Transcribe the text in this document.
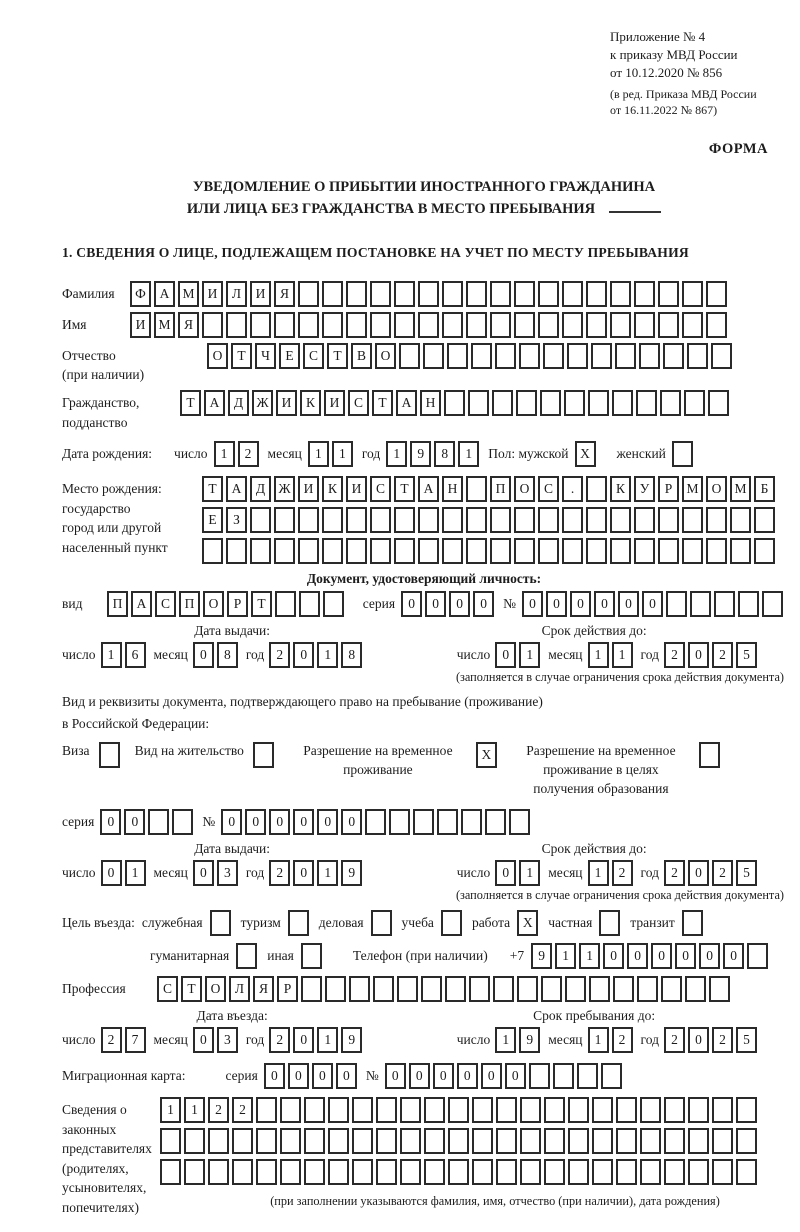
Приложение № 4
к приказу МВД России
от 10.12.2020 № 856
(в ред. Приказа МВД России
от 16.11.2022 № 867)
ФОРМА
УВЕДОМЛЕНИЕ О ПРИБЫТИИ ИНОСТРАННОГО ГРАЖДАНИНА
ИЛИ ЛИЦА БЕЗ ГРАЖДАНСТВА В МЕСТО ПРЕБЫВАНИЯ
1. СВЕДЕНИЯ О ЛИЦЕ, ПОДЛЕЖАЩЕМ ПОСТАНОВКЕ НА УЧЕТ ПО МЕСТУ ПРЕБЫВАНИЯ
Фамилия	Ф	А М И	Л	И	Я
Имя	И М Я
Отчество
(при наличии)
О	Т	Ч	Е	С	Т	В	О
Гражданство,
подданство
Т	А	Д Ж И	К	И	С	Т	А	Н
Дата рождения: число 1	2	месяц 1	1	год 1	9	8	1	Пол: мужской X	женский
Место рождения:
государство
город или другой
населенный пункт
Т	А	Д Ж И	К	И	С	Т	А	Н	П	О	С	.	К	У	Р	М О М	Б
Е	З
Документ, удостоверяющий личность:
вид	П	А	С	П	О	Р	Т	серия 0	0	0	0	№ 0	0	0	0	0	0
Дата выдачи:
число 1	6	месяц 0	8	год 2	0	1	8
Срок действия до:
число 0	1	месяц 1	1	год 2	0	2	5
(заполняется в случае ограничения срока действия документа)
Вид и реквизиты документа, подтверждающего право на пребывание (проживание)
в Российской Федерации:
Виза	Вид на жительство	Разрешение на временное проживание
X	Разрешение на временное проживание в целях получения образования
серия 0	0	№ 0	0	0	0	0	0
Дата выдачи:
число 0	1	месяц 0	3	год 2	0	1	9
Срок действия до:
число 0	1	месяц 1	2	год 2	0	2	5
(заполняется в случае ограничения срока действия документа)
Цель въезда: служебная	туризм	деловая	учеба	работа X	частная	транзит
гуманитарная	иная	Телефон (при наличии) +7	9	1	1	0	0	0	0	0	0
Профессия	С	Т	О	Л	Я	Р
Дата въезда:
число 2	7	месяц 0	3	год 2	0	1	9
Срок пребывания до:
число 1	9	месяц 1	2	год 2	0	2	5
Миграционная карта:	серия 0	0	0	0	№ 0	0	0	0	0	0
Сведения о
законных
представителях
(родителях,
усыновителях,
попечителях)
1	1	2	2
(при заполнении указываются фамилия, имя, отчество (при наличии), дата рождения)
